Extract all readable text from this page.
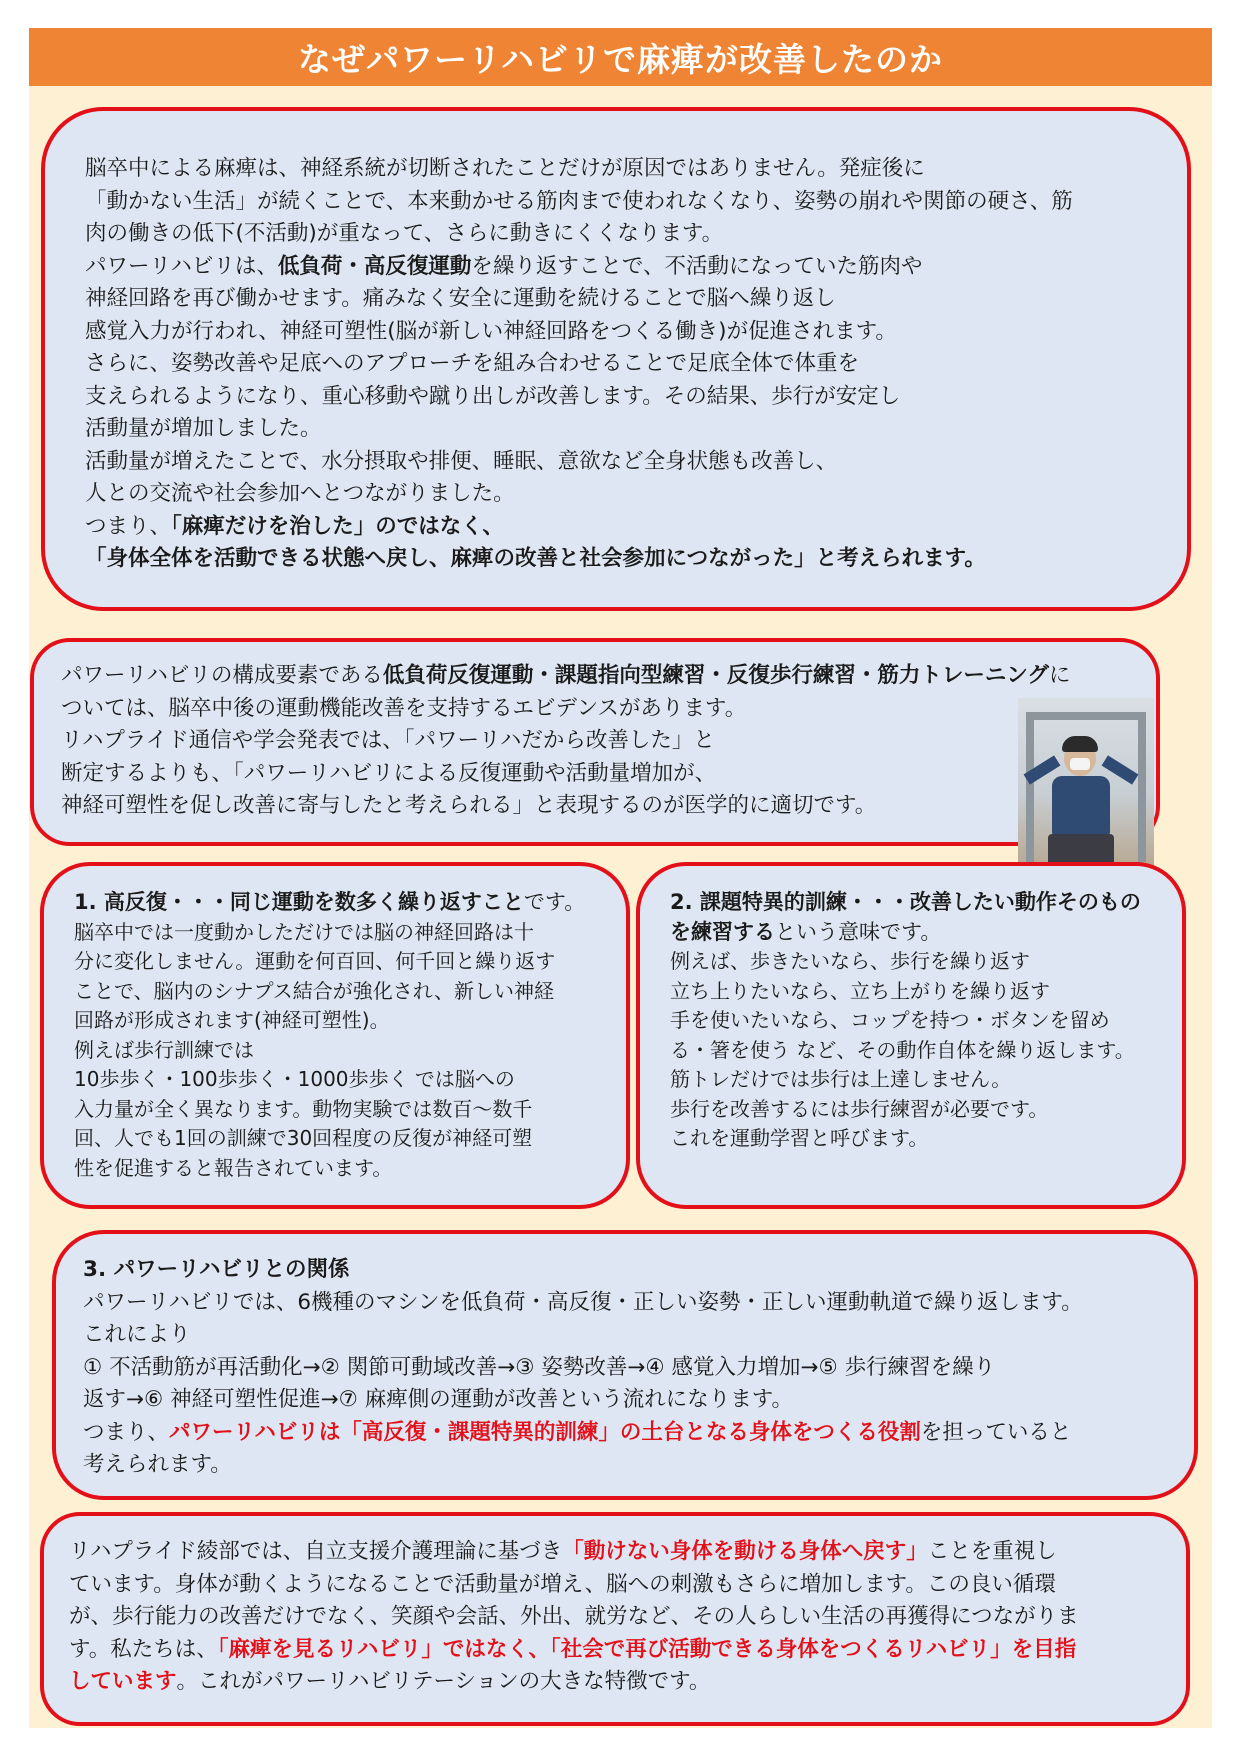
なぜパワーリハビリで麻痺が改善したのか

脳卒中による麻痺は、神経系統が切断されたことだけが原因ではありません。発症後に

「動かない生活」が続くことで、本来動かせる筋肉まで使われなくなり、姿勢の崩れや関節の硬さ、筋

肉の働きの低下(不活動)が重なって、さらに動きにくくなります。

パワーリハビリは、低負荷・高反復運動を繰り返すことで、不活動になっていた筋肉や

神経回路を再び働かせます。痛みなく安全に運動を続けることで脳へ繰り返し

感覚入力が行われ、神経可塑性(脳が新しい神経回路をつくる働き)が促進されます。

さらに、姿勢改善や足底へのアプローチを組み合わせることで足底全体で体重を

支えられるようになり、重心移動や蹴り出しが改善します。その結果、歩行が安定し

活動量が増加しました。

活動量が増えたことで、水分摂取や排便、睡眠、意欲など全身状態も改善し、

人との交流や社会参加へとつながりました。

つまり、「麻痺だけを治した」のではなく、

「身体全体を活動できる状態へ戻し、麻痺の改善と社会参加につながった」と考えられます。

パワーリハビリの構成要素である低負荷反復運動・課題指向型練習・反復歩行練習・筋力トレーニングに

ついては、脳卒中後の運動機能改善を支持するエビデンスがあります。

リハプライド通信や学会発表では、「パワーリハだから改善した」と

断定するよりも、「パワーリハビリによる反復運動や活動量増加が、

神経可塑性を促し改善に寄与したと考えられる」と表現するのが医学的に適切です。

1. 高反復・・・同じ運動を数多く繰り返すことです。

脳卒中では一度動かしただけでは脳の神経回路は十

分に変化しません。運動を何百回、何千回と繰り返す

ことで、脳内のシナプス結合が強化され、新しい神経

回路が形成されます(神経可塑性)。

例えば歩行訓練では

10歩歩く・100歩歩く・1000歩歩く では脳への

入力量が全く異なります。動物実験では数百～数千

回、人でも1回の訓練で30回程度の反復が神経可塑

性を促進すると報告されています。

2. 課題特異的訓練・・・改善したい動作そのもの

を練習するという意味です。

例えば、歩きたいなら、歩行を繰り返す

立ち上りたいなら、立ち上がりを繰り返す

手を使いたいなら、コップを持つ・ボタンを留め

る・箸を使う など、その動作自体を繰り返します。

筋トレだけでは歩行は上達しません。

歩行を改善するには歩行練習が必要です。

これを運動学習と呼びます。

3. パワーリハビリとの関係

パワーリハビリでは、6機種のマシンを低負荷・高反復・正しい姿勢・正しい運動軌道で繰り返します。

これにより

① 不活動筋が再活動化→② 関節可動域改善→③ 姿勢改善→④ 感覚入力増加→⑤ 歩行練習を繰り

返す→⑥ 神経可塑性促進→⑦ 麻痺側の運動が改善という流れになります。

つまり、パワーリハビリは「高反復・課題特異的訓練」の土台となる身体をつくる役割を担っていると

考えられます。

リハプライド綾部では、自立支援介護理論に基づき「動けない身体を動ける身体へ戻す」ことを重視し

ています。身体が動くようになることで活動量が増え、脳への刺激もさらに増加します。この良い循環

が、歩行能力の改善だけでなく、笑顔や会話、外出、就労など、その人らしい生活の再獲得につながりま

す。私たちは、「麻痺を見るリハビリ」ではなく、「社会で再び活動できる身体をつくるリハビリ」を目指

しています。これがパワーリハビリテーションの大きな特徴です。
